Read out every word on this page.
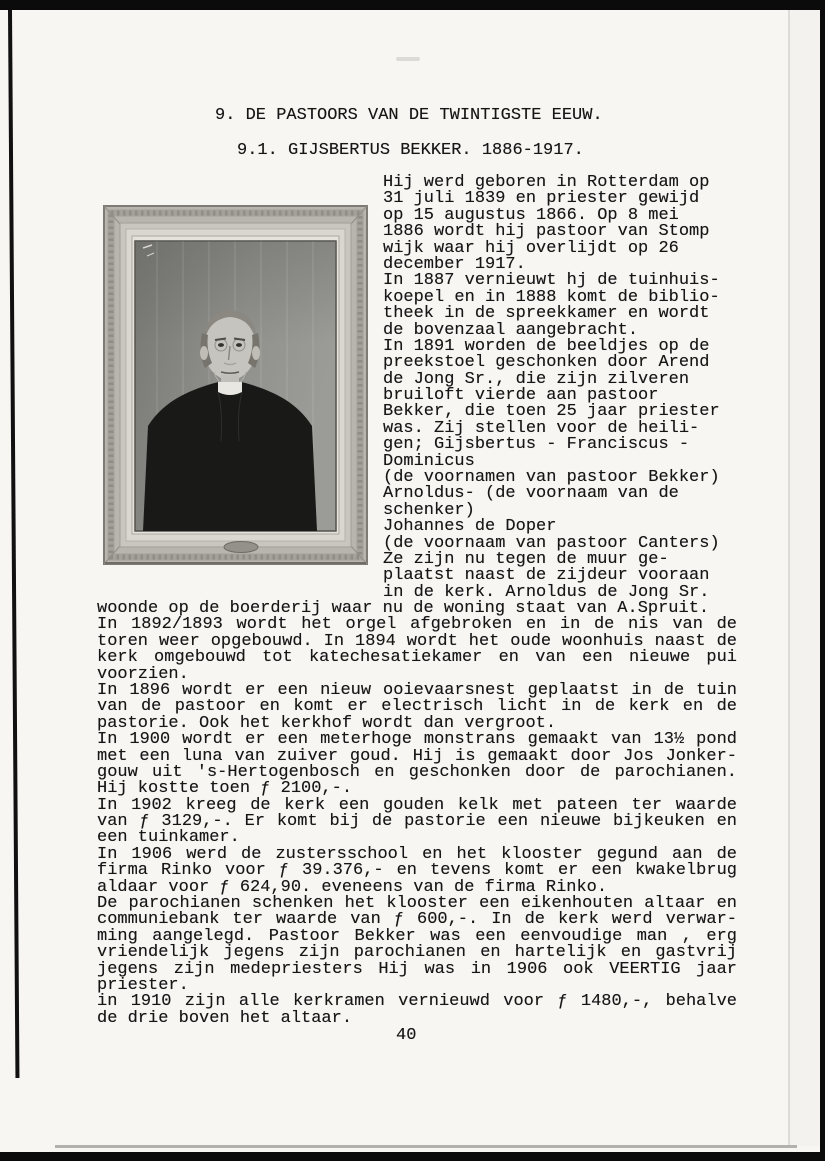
9. DE PASTOORS VAN DE TWINTIGSTE EEUW.
9.1. GIJSBERTUS BEKKER. 1886-1917.
Hij werd geboren in Rotterdam op
31 juli 1839 en priester gewijd
op 15 augustus 1866. Op 8 mei
1886 wordt hij pastoor van Stomp
wijk waar hij overlijdt op 26
december 1917.
In 1887 vernieuwt hj de tuinhuis-
koepel en in 1888 komt de biblio-
theek in de spreekkamer en wordt
de bovenzaal aangebracht.
In 1891 worden de beeldjes op de
preekstoel geschonken door Arend
de Jong Sr., die zijn zilveren
bruiloft vierde aan pastoor
Bekker, die toen 25 jaar priester
was. Zij stellen voor de heili-
gen; Gijsbertus - Franciscus -
Dominicus
(de voornamen van pastoor Bekker)
Arnoldus- (de voornaam van de
schenker)
Johannes de Doper
(de voornaam van pastoor Canters)
Ze zijn nu tegen de muur ge-
plaatst naast de zijdeur vooraan
in de kerk. Arnoldus de Jong Sr.
woonde op de boerderij waar nu de woning staat van A.Spruit.
In 1892/1893 wordt het orgel afgebroken en in de nis van de
toren weer opgebouwd. In 1894 wordt het oude woonhuis naast de
kerk omgebouwd tot katechesatiekamer en van een nieuwe pui
voorzien.
In 1896 wordt er een nieuw ooievaarsnest geplaatst in de tuin
van de pastoor en komt er electrisch licht in de kerk en de
pastorie. Ook het kerkhof wordt dan vergroot.
In 1900 wordt er een meterhoge monstrans gemaakt van 13½ pond
met een luna van zuiver goud. Hij is gemaakt door Jos Jonker-
gouw uit 's-Hertogenbosch en geschonken door de parochianen.
Hij kostte toen ƒ 2100,-.
In 1902 kreeg de kerk een gouden kelk met pateen ter waarde
van ƒ 3129,-. Er komt bij de pastorie een nieuwe bijkeuken en
een tuinkamer.
In 1906 werd de zustersschool en het klooster gegund aan de
firma Rinko voor ƒ 39.376,- en tevens komt er een kwakelbrug
aldaar voor ƒ 624,90. eveneens van de firma Rinko.
De parochianen schenken het klooster een eikenhouten altaar en
communiebank ter waarde van ƒ 600,-. In de kerk werd verwar-
ming aangelegd. Pastoor Bekker was een eenvoudige man , erg
vriendelijk jegens zijn parochianen en hartelijk en gastvrij
jegens zijn medepriesters Hij was in 1906 ook VEERTIG jaar
priester.
in 1910 zijn alle kerkramen vernieuwd voor ƒ 1480,-, behalve
de drie boven het altaar.
40
